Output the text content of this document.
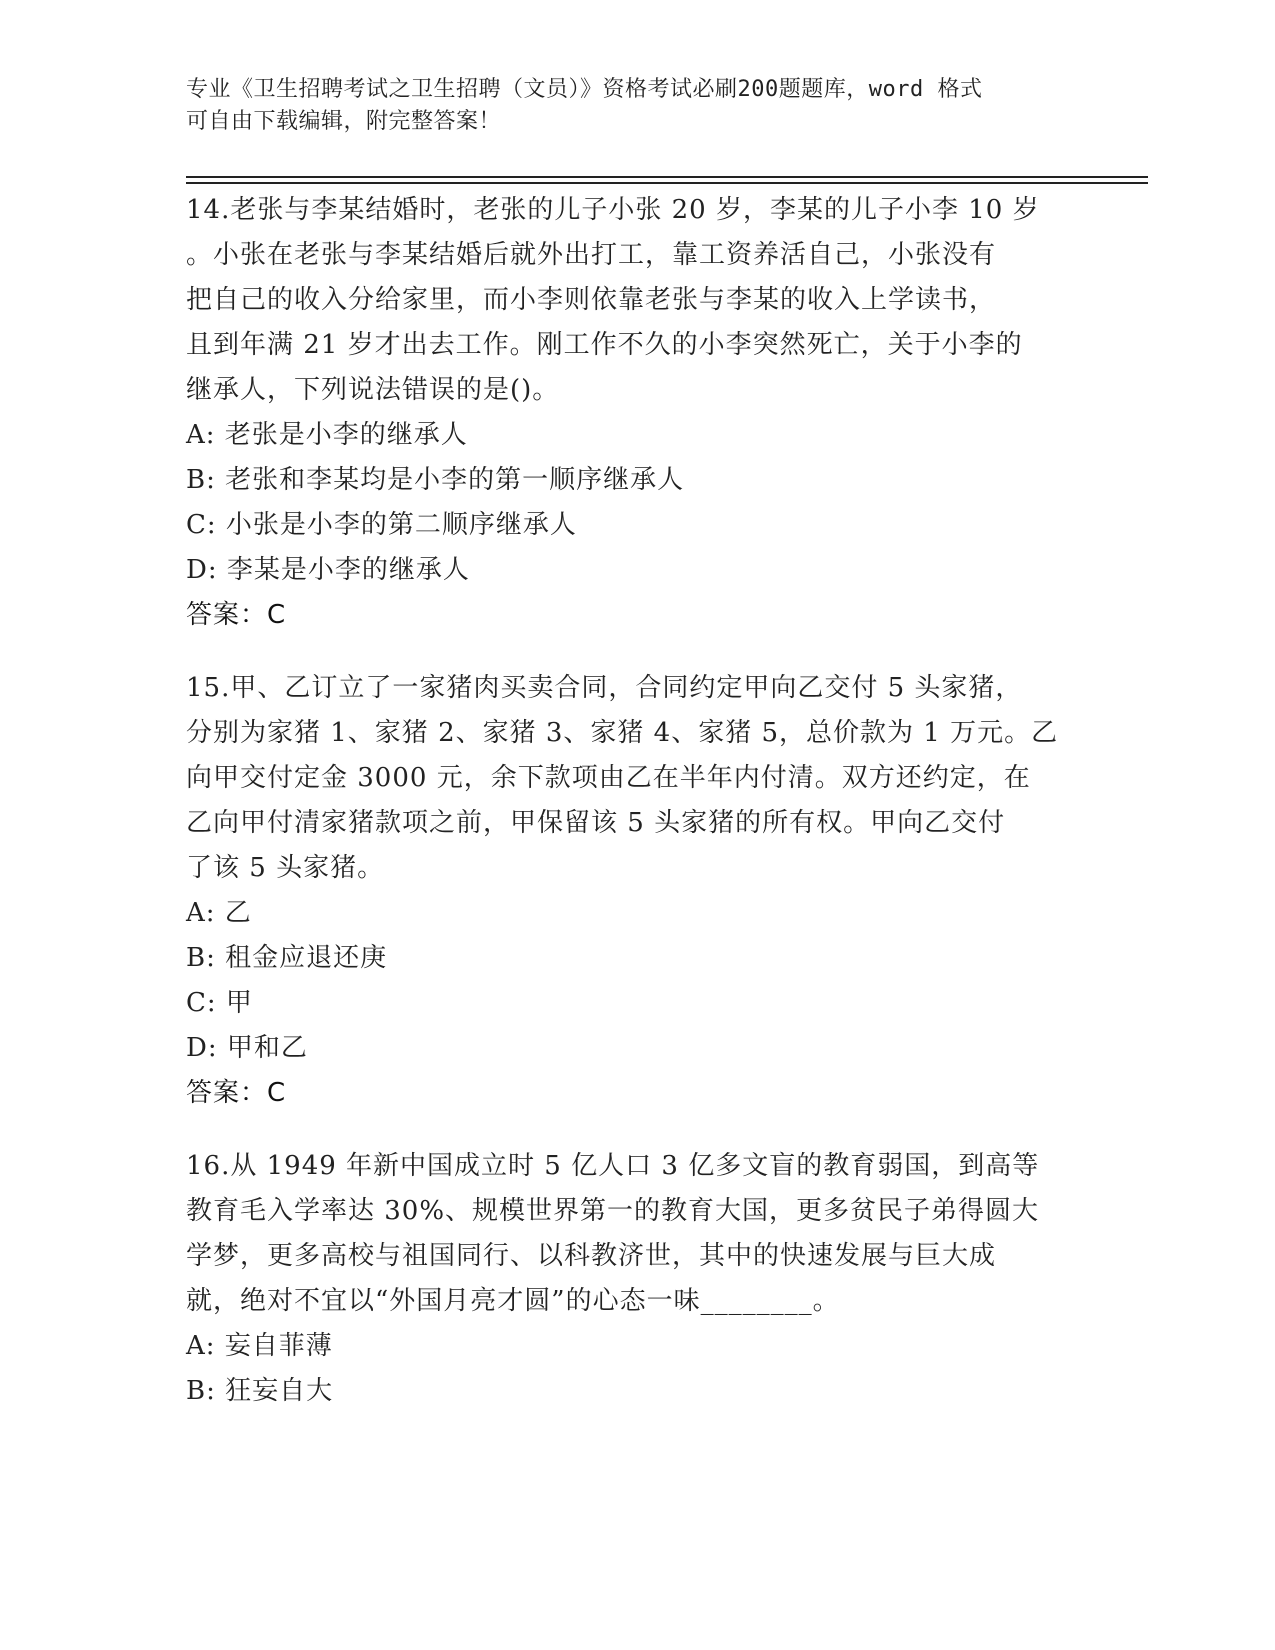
专业《卫生招聘考试之卫生招聘（文员）》资格考试必刷200题题库，word 格式
可自由下载编辑，附完整答案！
14.老张与李某结婚时，老张的儿子小张 20 岁，李某的儿子小李 10 岁
。小张在老张与李某结婚后就外出打工，靠工资养活自己，小张没有
把自己的收入分给家里，而小李则依靠老张与李某的收入上学读书，
且到年满 21 岁才出去工作。刚工作不久的小李突然死亡，关于小李的
继承人，下列说法错误的是()。
A: 老张是小李的继承人
B: 老张和李某均是小李的第一顺序继承人
C: 小张是小李的第二顺序继承人
D: 李某是小李的继承人
答案：C
15.甲、乙订立了一家猪肉买卖合同，合同约定甲向乙交付 5 头家猪，
分别为家猪 1、家猪 2、家猪 3、家猪 4、家猪 5，总价款为 1 万元。乙
向甲交付定金 3000 元，余下款项由乙在半年内付清。双方还约定，在
乙向甲付清家猪款项之前，甲保留该 5 头家猪的所有权。甲向乙交付
了该 5 头家猪。
A: 乙
B: 租金应退还庚
C: 甲
D: 甲和乙
答案：C
16.从 1949 年新中国成立时 5 亿人口 3 亿多文盲的教育弱国，到高等
教育毛入学率达 30%、规模世界第一的教育大国，更多贫民子弟得圆大
学梦，更多高校与祖国同行、以科教济世，其中的快速发展与巨大成
就，绝对不宜以“外国月亮才圆”的心态一味________。
A: 妄自菲薄
B: 狂妄自大
